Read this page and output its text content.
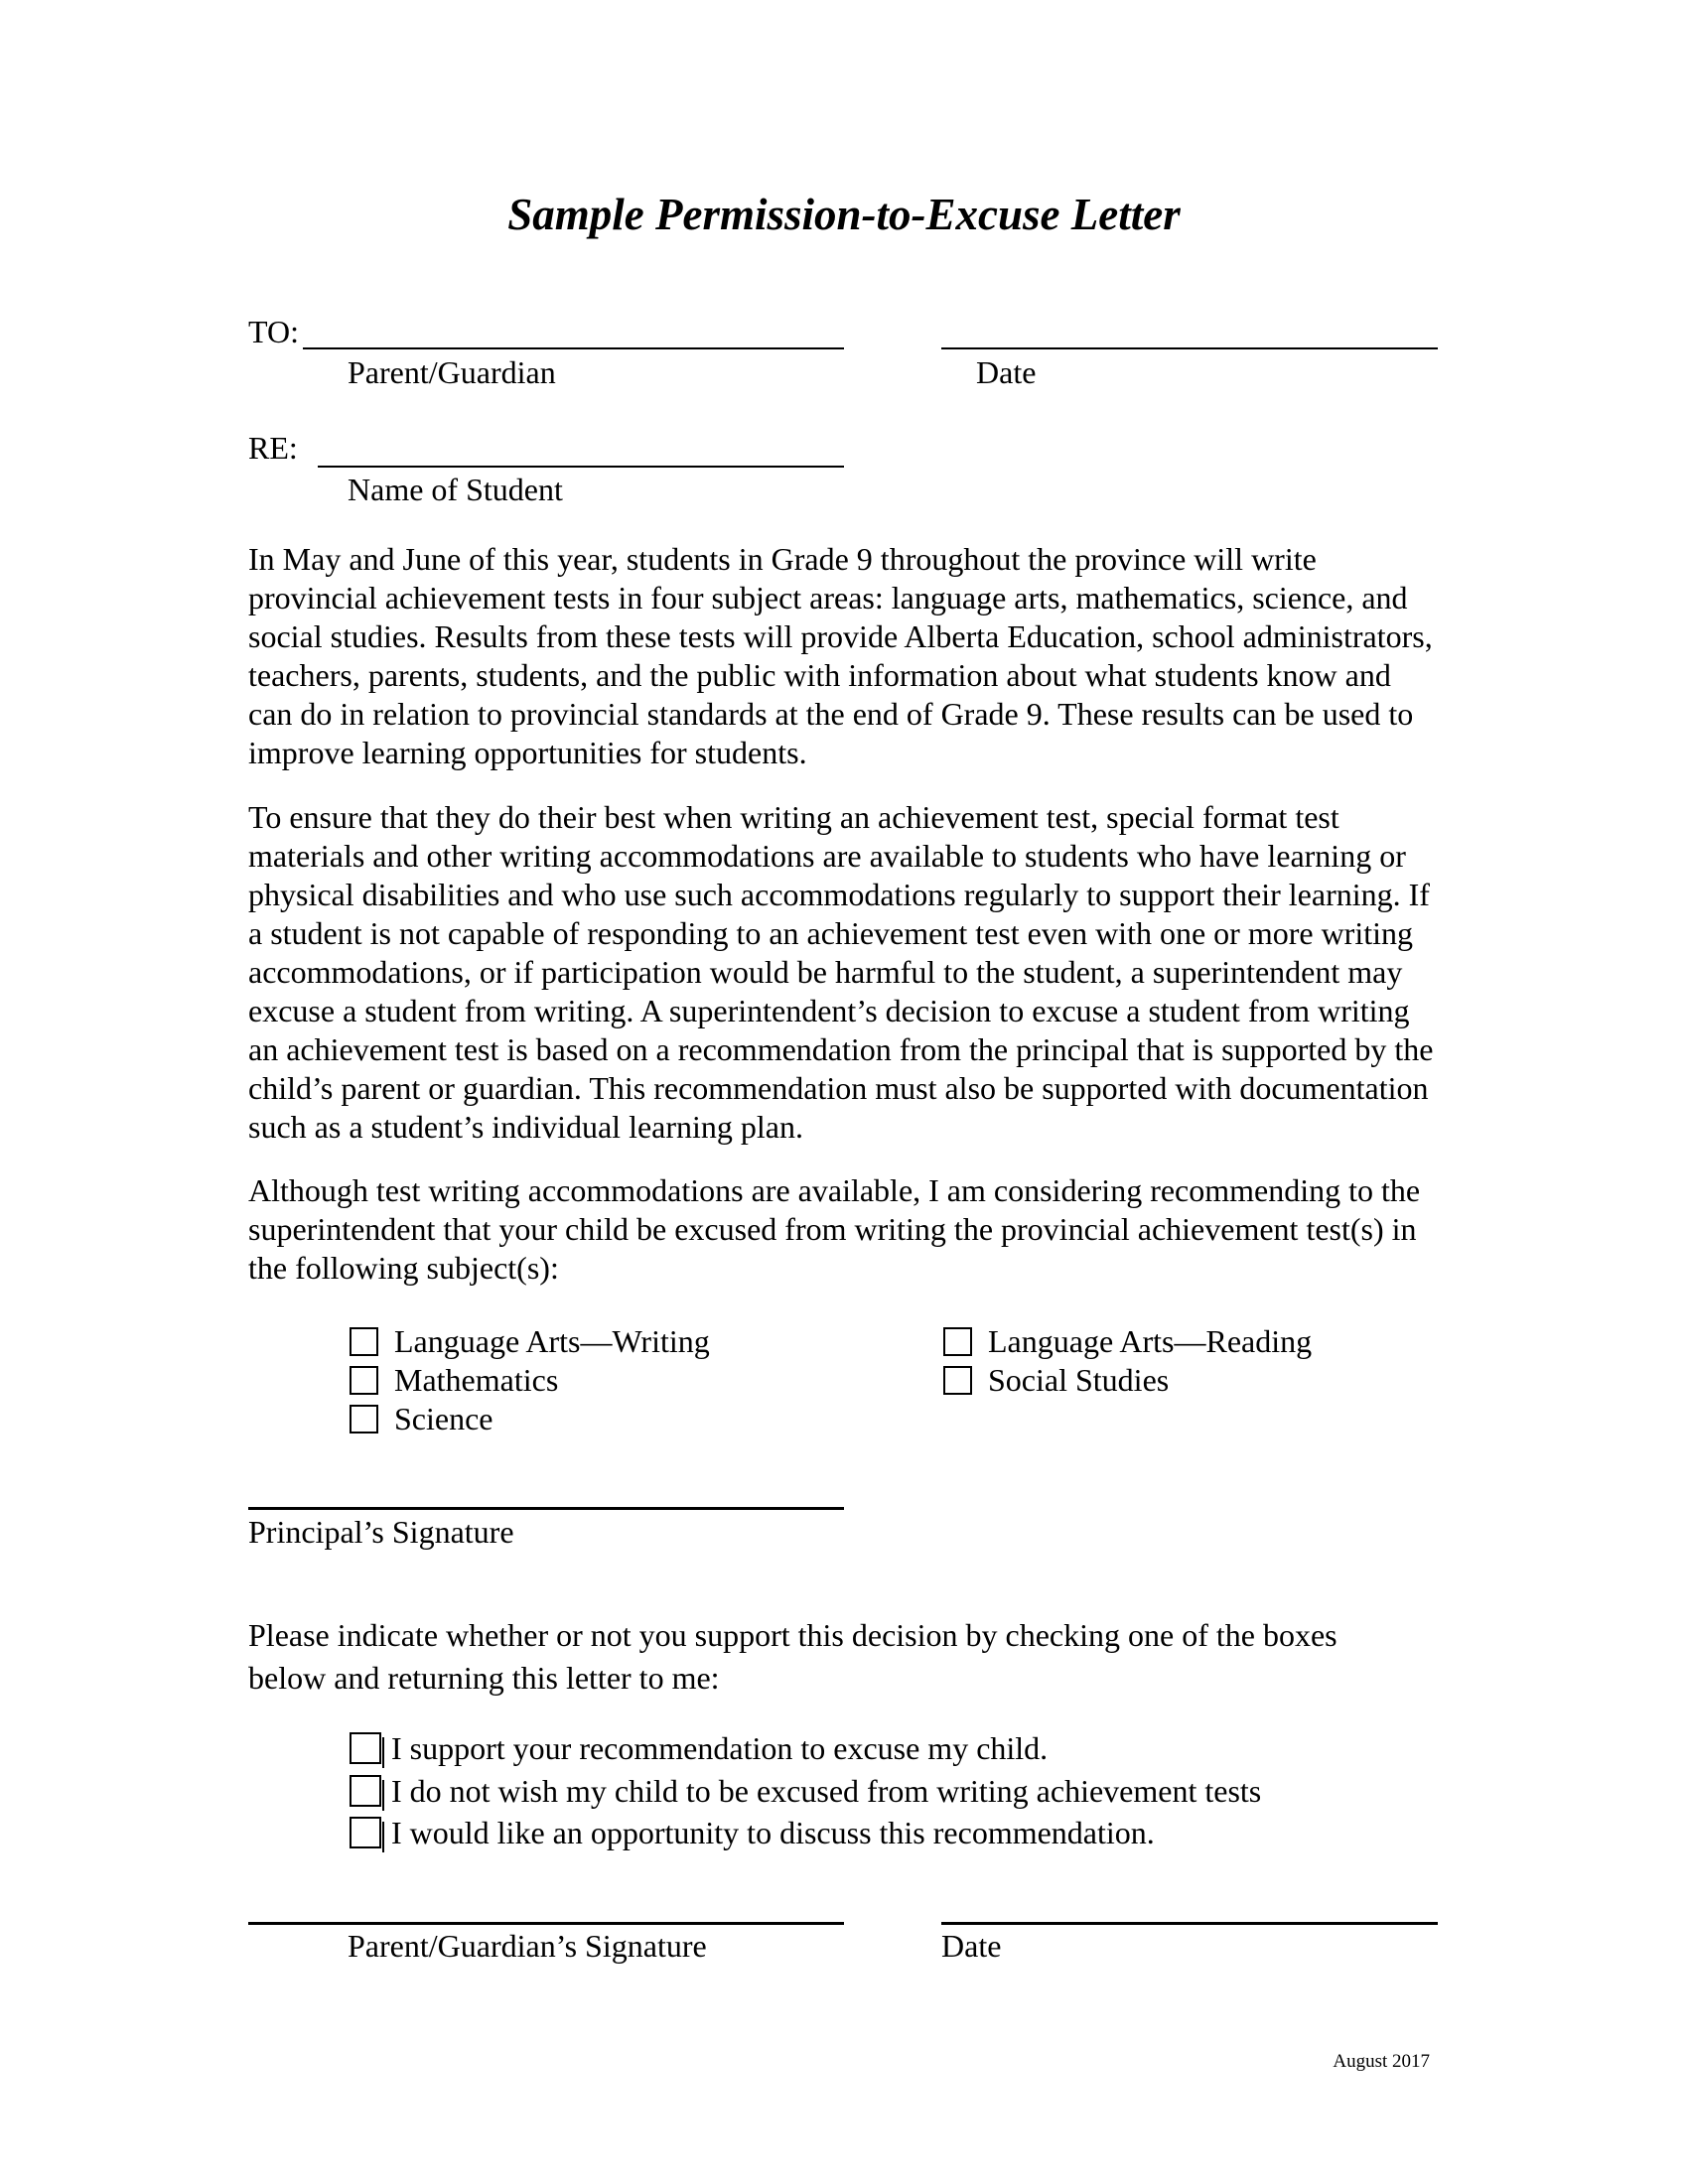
Sample Permission-to-Excuse Letter
TO:
Parent/Guardian	Date
RE:
Name of Student

In May and June of this year, students in Grade 9 throughout the province will write provincial achievement tests in four subject areas: language arts, mathematics, science, and social studies. Results from these tests will provide Alberta Education, school administrators, teachers, parents, students, and the public with information about what students know and can do in relation to provincial standards at the end of Grade 9. These results can be used to improve learning opportunities for students.

To ensure that they do their best when writing an achievement test, special format test materials and other writing accommodations are available to students who have learning or physical disabilities and who use such accommodations regularly to support their learning. If a student is not capable of responding to an achievement test even with one or more writing accommodations, or if participation would be harmful to the student, a superintendent may excuse a student from writing. A superintendent’s decision to excuse a student from writing an achievement test is based on a recommendation from the principal that is supported by the child’s parent or guardian. This recommendation must also be supported with documentation such as a student’s individual learning plan.

Although test writing accommodations are available, I am considering recommending to the superintendent that your child be excused from writing the provincial achievement test(s) in the following subject(s):

Language Arts—Writing
Mathematics
Science
Language Arts—Reading
Social Studies
Principal’s Signature

Please indicate whether or not you support this decision by checking one of the boxes below and returning this letter to me:

I support your recommendation to excuse my child.
I do not wish my child to be excused from writing achievement tests
I would like an opportunity to discuss this recommendation.
Parent/Guardian’s Signature	Date
August 2017
